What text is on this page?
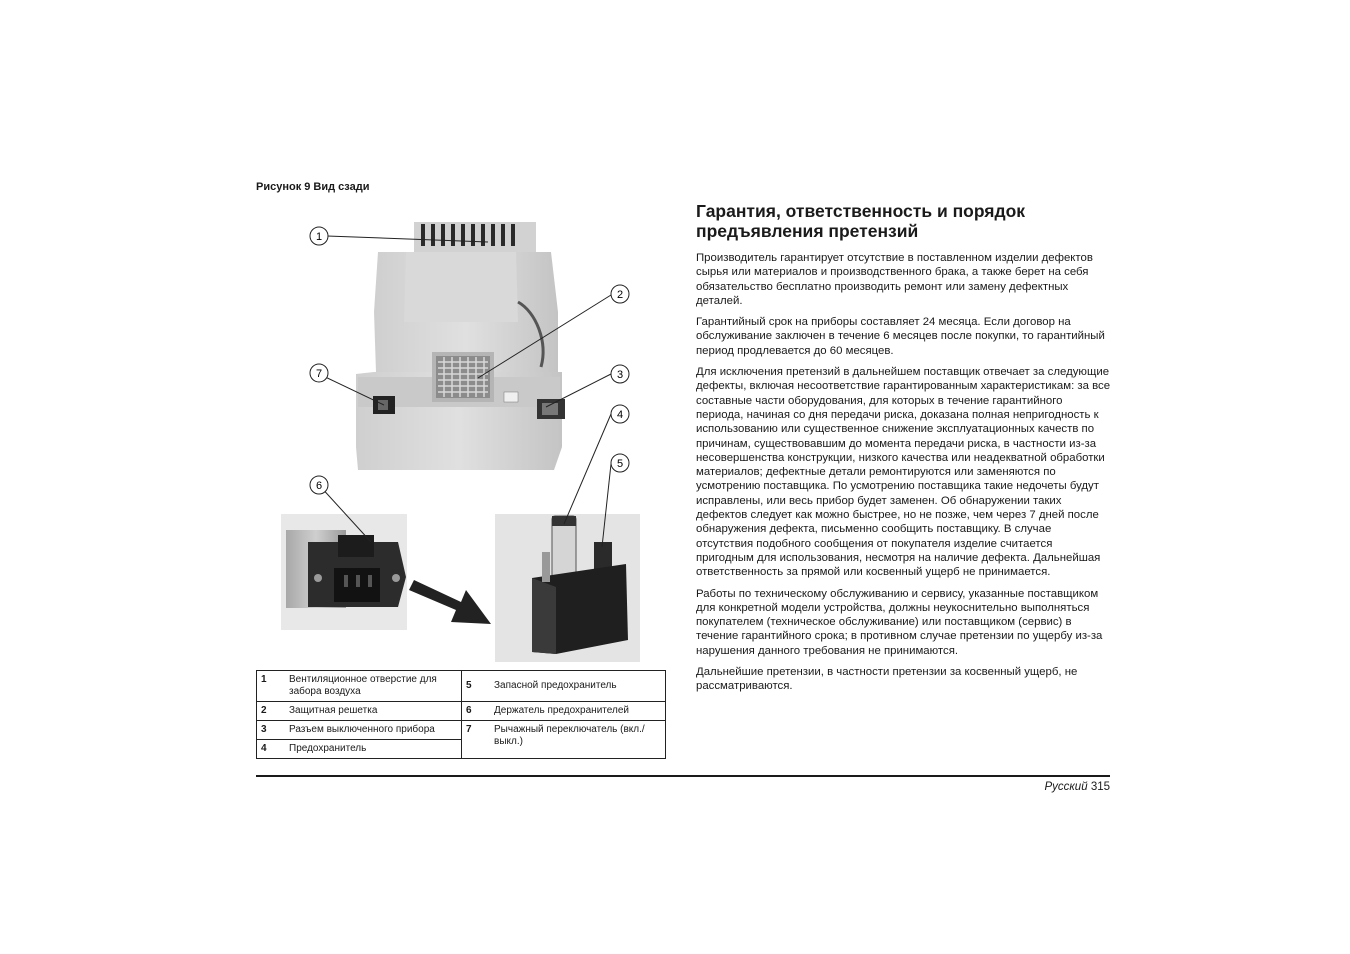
Рисунок 9 Вид сзади
1
2
3
4
5
6
7
1	Вентиляционное отверстие для забора воздуха	5	Запасной предохранитель
2	Защитная решетка	6	Держатель предохранителей
3	Разъем выключенного прибора	7	Рычажный переключатель (вкл./выкл.)
4	Предохранитель		
Гарантия, ответственность и порядок предъявления претензий

Производитель гарантирует отсутствие в поставленном изделии дефектов сырья или материалов и производственного брака, а также берет на себя обязательство бесплатно производить ремонт или замену дефектных деталей.

Гарантийный срок на приборы составляет 24 месяца. Если договор на обслуживание заключен в течение 6 месяцев после покупки, то гарантийный период продлевается до 60 месяцев.

Для исключения претензий в дальнейшем поставщик отвечает за следующие дефекты, включая несоответствие гарантированным характеристикам: за все составные части оборудования, для которых в течение гарантийного периода, начиная со дня передачи риска, доказана полная непригодность к использованию или существенное снижение эксплуатационных качеств по причинам, существовавшим до момента передачи риска, в частности из-за несовершенства конструкции, низкого качества или неадекватной обработки материалов; дефектные детали ремонтируются или заменяются по усмотрению поставщика. По усмотрению поставщика такие недочеты будут исправлены, или весь прибор будет заменен. Об обнаружении таких дефектов следует как можно быстрее, но не позже, чем через 7 дней после обнаружения дефекта, письменно сообщить поставщику. В случае отсутствия подобного сообщения от покупателя изделие считается пригодным для использования, несмотря на наличие дефекта. Дальнейшая ответственность за прямой или косвенный ущерб не принимается.

Работы по техническому обслуживанию и сервису, указанные поставщиком для конкретной модели устройства, должны неукоснительно выполняться покупателем (техническое обслуживание) или поставщиком (сервис) в течение гарантийного срока; в противном случае претензии по ущербу из-за нарушения данного требования не принимаются.

Дальнейшие претензии, в частности претензии за косвенный ущерб, не рассматриваются.

Русский 315
